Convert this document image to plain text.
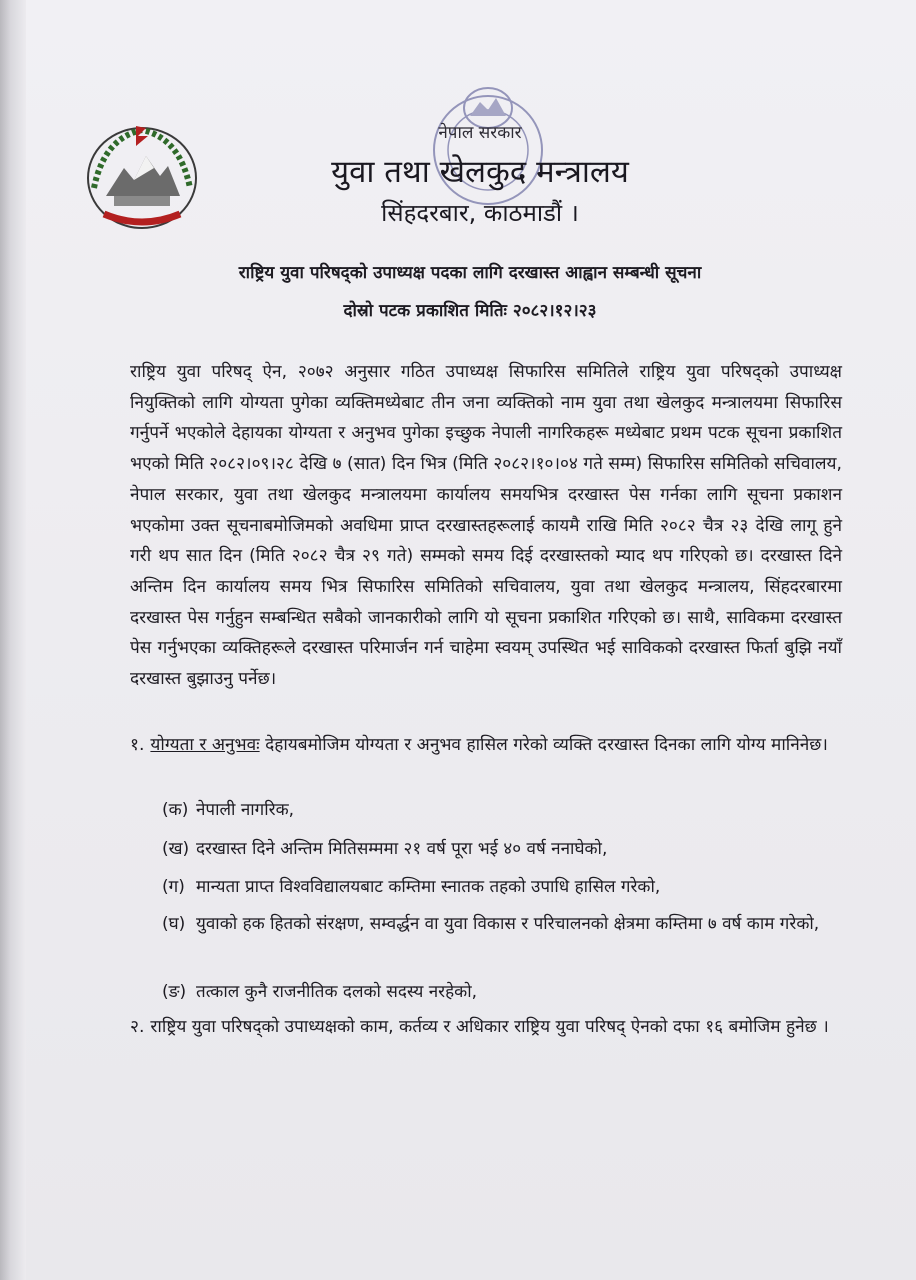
नेपाल सरकार
युवा तथा खेलकुद मन्त्रालय
सिंहदरबार, काठमाडौं ।
राष्ट्रिय युवा परिषद्को उपाध्यक्ष पदका लागि दरखास्त आह्वान सम्बन्धी सूचना
दोस्रो पटक प्रकाशित मितिः २०८२।१२।२३

राष्ट्रिय युवा परिषद् ऐन, २०७२ अनुसार गठित उपाध्यक्ष सिफारिस समितिले राष्ट्रिय युवा परिषद्को उपाध्यक्ष नियुक्तिको लागि योग्यता पुगेका व्यक्तिमध्येबाट तीन जना व्यक्तिको नाम युवा तथा खेलकुद मन्त्रालयमा सिफारिस गर्नुपर्ने भएकोले देहायका योग्यता र अनुभव पुगेका इच्छुक नेपाली नागरिकहरू मध्येबाट प्रथम पटक सूचना प्रकाशित भएको मिति २०८२।०९।२८ देखि ७ (सात) दिन भित्र (मिति २०८२।१०।०४ गते सम्म) सिफारिस समितिको सचिवालय, नेपाल सरकार, युवा तथा खेलकुद मन्त्रालयमा कार्यालय समयभित्र दरखास्त पेस गर्नका लागि सूचना प्रकाशन भएकोमा उक्त सूचनाबमोजिमको अवधिमा प्राप्त दरखास्तहरूलाई कायमै राखि मिति २०८२ चैत्र २३ देखि लागू हुने गरी थप सात दिन (मिति २०८२ चैत्र २९ गते) सम्मको समय दिई दरखास्तको म्याद थप गरिएको छ। दरखास्त दिने अन्तिम दिन कार्यालय समय भित्र सिफारिस समितिको सचिवालय, युवा तथा खेलकुद मन्त्रालय, सिंहदरबारमा दरखास्त पेस गर्नुहुन सम्बन्धित सबैको जानकारीको लागि यो सूचना प्रकाशित गरिएको छ। साथै, साविकमा दरखास्त पेस गर्नुभएका व्यक्तिहरूले दरखास्त परिमार्जन गर्न चाहेमा स्वयम् उपस्थित भई साविकको दरखास्त फिर्ता बुझि नयाँ दरखास्त बुझाउनु पर्नेछ।

१. योग्यता र अनुभवः देहायबमोजिम योग्यता र अनुभव हासिल गरेको व्यक्ति दरखास्त दिनका लागि योग्य मानिनेछ।

(क) नेपाली नागरिक,
(ख) दरखास्त दिने अन्तिम मितिसम्ममा २१ वर्ष पूरा भई ४० वर्ष ननाघेको,
(ग) मान्यता प्राप्त विश्वविद्यालयबाट कम्तिमा स्नातक तहको उपाधि हासिल गरेको,
(घ) युवाको हक हितको संरक्षण, सम्वर्द्धन वा युवा विकास र परिचालनको क्षेत्रमा कम्तिमा ७ वर्ष काम गरेको,
(ङ) तत्काल कुनै राजनीतिक दलको सदस्य नरहेको,

२. राष्ट्रिय युवा परिषद्को उपाध्यक्षको काम, कर्तव्य र अधिकार राष्ट्रिय युवा परिषद् ऐनको दफा १६ बमोजिम हुनेछ ।
